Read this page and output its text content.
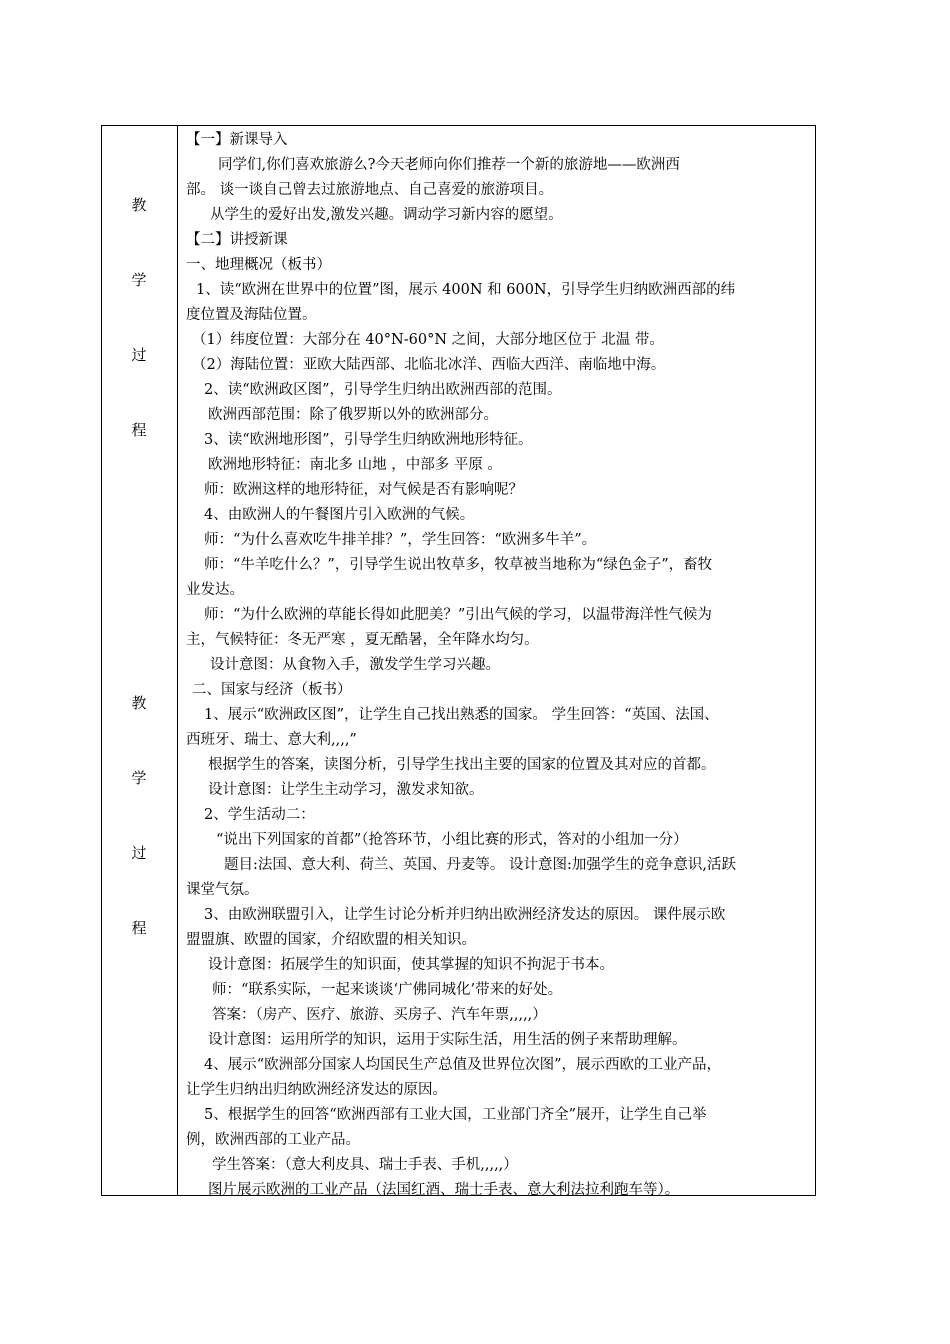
教
学
过
程
教
学
过
程

【一】新课导入

同学们,你们喜欢旅游么?今天老师向你们推荐一个新的旅游地——欧洲西

部。 谈一谈自己曾去过旅游地点、自己喜爱的旅游项目。

从学生的爱好出发,激发兴趣。调动学习新内容的愿望。

【二】讲授新课

一、地理概况（板书）

1、读“欧洲在世界中的位置”图，展示 400N 和 600N，引导学生归纳欧洲西部的纬

度位置及海陆位置。

（1）纬度位置：大部分在 40°N-60°N 之间，大部分地区位于 北温 带。

（2）海陆位置：亚欧大陆西部、北临北冰洋、西临大西洋、南临地中海。

2、读“欧洲政区图”，引导学生归纳出欧洲西部的范围。

欧洲西部范围：除了俄罗斯以外的欧洲部分。

3、读“欧洲地形图”，引导学生归纳欧洲地形特征。

欧洲地形特征：南北多 山地 ，中部多 平原 。

师：欧洲这样的地形特征，对气候是否有影响呢？

4、由欧洲人的午餐图片引入欧洲的气候。

师：“为什么喜欢吃牛排羊排？”，学生回答：“欧洲多牛羊”。

师：“牛羊吃什么？”，引导学生说出牧草多，牧草被当地称为“绿色金子”，畜牧

业发达。

师：“为什么欧洲的草能长得如此肥美？”引出气候的学习，以温带海洋性气候为

主，气候特征：冬无严寒 ，夏无酷暑，全年降水均匀。

设计意图：从食物入手，激发学生学习兴趣。

二、国家与经济（板书）

1、展示“欧洲政区图”，让学生自己找出熟悉的国家。 学生回答：“英国、法国、

西班牙、瑞士、意大利,,,,”

根据学生的答案，读图分析，引导学生找出主要的国家的位置及其对应的首都。

设计意图：让学生主动学习，激发求知欲。

2、学生活动二：

“说出下列国家的首都”（抢答环节，小组比赛的形式，答对的小组加一分）

题目:法国、意大利、荷兰、英国、丹麦等。 设计意图:加强学生的竞争意识,活跃

课堂气氛。

3、由欧洲联盟引入，让学生讨论分析并归纳出欧洲经济发达的原因。 课件展示欧

盟盟旗、欧盟的国家，介绍欧盟的相关知识。

设计意图：拓展学生的知识面，使其掌握的知识不拘泥于书本。

师：“联系实际，一起来谈谈‘广佛同城化’带来的好处。

答案：（房产、医疗、旅游、买房子、汽车年票,,,,,）

设计意图：运用所学的知识，运用于实际生活，用生活的例子来帮助理解。

4、展示“欧洲部分国家人均国民生产总值及世界位次图”，展示西欧的工业产品，

让学生归纳出归纳欧洲经济发达的原因。

5、根据学生的回答“欧洲西部有工业大国，工业部门齐全”展开，让学生自己举

例，欧洲西部的工业产品。

学生答案：（意大利皮具、瑞士手表、手机,,,,,）

图片展示欧洲的工业产品（法国红酒、瑞士手表、意大利法拉利跑车等）。
